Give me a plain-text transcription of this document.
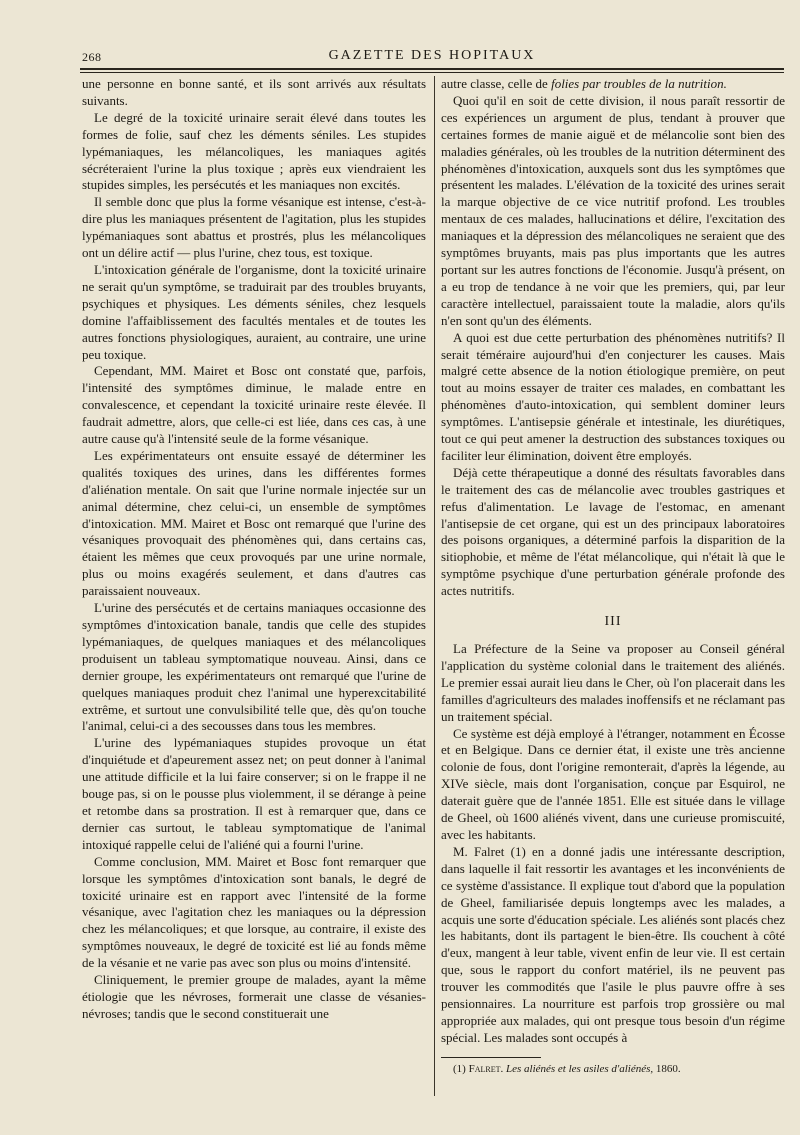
268	GAZETTE DES HOPITAUX

une personne en bonne santé, et ils sont arrivés aux résultats suivants.

Le degré de la toxicité urinaire serait élevé dans toutes les formes de folie, sauf chez les déments séniles. Les stupides lypémaniaques, les mélancoliques, les maniaques agités sécréteraient l'urine la plus toxique ; après eux viendraient les stupides simples, les persécutés et les maniaques non excités.

Il semble donc que plus la forme vésanique est intense, c'est-à-dire plus les maniaques présentent de l'agitation, plus les stupides lypémaniaques sont abattus et prostrés, plus les mélancoliques ont un délire actif — plus l'urine, chez tous, est toxique.

L'intoxication générale de l'organisme, dont la toxicité urinaire ne serait qu'un symptôme, se traduirait par des troubles bruyants, psychiques et physiques. Les déments séniles, chez lesquels domine l'affaiblissement des facultés mentales et de toutes les autres fonctions physiologiques, auraient, au contraire, une urine peu toxique.

Cependant, MM. Mairet et Bosc ont constaté que, parfois, l'intensité des symptômes diminue, le malade entre en convalescence, et cependant la toxicité urinaire reste élevée. Il faudrait admettre, alors, que celle-ci est liée, dans ces cas, à une autre cause qu'à l'intensité seule de la forme vésanique.

Les expérimentateurs ont ensuite essayé de déterminer les qualités toxiques des urines, dans les différentes formes d'aliénation mentale. On sait que l'urine normale injectée sur un animal détermine, chez celui-ci, un ensemble de symptômes d'intoxication. MM. Mairet et Bosc ont remarqué que l'urine des vésaniques provoquait des phénomènes qui, dans certains cas, étaient les mêmes que ceux provoqués par une urine normale, plus ou moins exagérés seulement, et dans d'autres cas paraissaient nouveaux.

L'urine des persécutés et de certains maniaques occasionne des symptômes d'intoxication banale, tandis que celle des stupides lypémaniaques, de quelques maniaques et des mélancoliques produisent un tableau symptomatique nouveau. Ainsi, dans ce dernier groupe, les expérimentateurs ont remarqué que l'urine de quelques maniaques produit chez l'animal une hyperexcitabilité extrême, et surtout une convulsibilité telle que, dès qu'on touche l'animal, celui-ci a des secousses dans tous les membres.

L'urine des lypémaniaques stupides provoque un état d'inquiétude et d'apeurement assez net; on peut donner à l'animal une attitude difficile et la lui faire conserver; si on le frappe il ne bouge pas, si on le pousse plus violemment, il se dérange à peine et retombe dans sa prostration. Il est à remarquer que, dans ce dernier cas surtout, le tableau symptomatique de l'animal intoxiqué rappelle celui de l'aliéné qui a fourni l'urine.

Comme conclusion, MM. Mairet et Bosc font remarquer que lorsque les symptômes d'intoxication sont banals, le degré de toxicité urinaire est en rapport avec l'intensité de la forme vésanique, avec l'agitation chez les maniaques ou la dépression chez les mélancoliques; et que lorsque, au contraire, il existe des symptômes nouveaux, le degré de toxicité est lié au fonds même de la vésanie et ne varie pas avec son plus ou moins d'intensité.

Cliniquement, le premier groupe de malades, ayant la même étiologie que les névroses, formerait une classe de vésanies-névroses; tandis que le second constituerait une

autre classe, celle de folies par troubles de la nutrition.

Quoi qu'il en soit de cette division, il nous paraît ressortir de ces expériences un argument de plus, tendant à prouver que certaines formes de manie aiguë et de mélancolie sont bien des maladies générales, où les troubles de la nutrition déterminent des phénomènes d'intoxication, auxquels sont dus les symptômes que présentent les malades. L'élévation de la toxicité des urines serait la marque objective de ce vice nutritif profond. Les troubles mentaux de ces malades, hallucinations et délire, l'excitation des maniaques et la dépression des mélancoliques ne seraient que des symptômes bruyants, mais pas plus importants que les autres portant sur les autres fonctions de l'économie. Jusqu'à présent, on a eu trop de tendance à ne voir que les premiers, qui, par leur caractère intellectuel, paraissaient toute la maladie, alors qu'ils n'en sont qu'un des éléments.

A quoi est due cette perturbation des phénomènes nutritifs? Il serait téméraire aujourd'hui d'en conjecturer les causes. Mais malgré cette absence de la notion étiologique première, on peut tout au moins essayer de traiter ces malades, en combattant les phénomènes d'auto-intoxication, qui semblent dominer leurs symptômes. L'antisepsie générale et intestinale, les diurétiques, tout ce qui peut amener la destruction des substances toxiques ou faciliter leur élimination, doivent être employés.

Déjà cette thérapeutique a donné des résultats favorables dans le traitement des cas de mélancolie avec troubles gastriques et refus d'alimentation. Le lavage de l'estomac, en amenant l'antisepsie de cet organe, qui est un des principaux laboratoires des poisons organiques, a déterminé parfois la disparition de la sitiophobie, et même de l'état mélancolique, qui n'était là que le symptôme psychique d'une perturbation générale profonde des actes nutritifs.

III

La Préfecture de la Seine va proposer au Conseil général l'application du système colonial dans le traitement des aliénés. Le premier essai aurait lieu dans le Cher, où l'on placerait dans les familles d'agriculteurs des malades inoffensifs et ne réclamant pas un traitement spécial.

Ce système est déjà employé à l'étranger, notamment en Écosse et en Belgique. Dans ce dernier état, il existe une très ancienne colonie de fous, dont l'origine remonterait, d'après la légende, au XIVe siècle, mais dont l'organisation, conçue par Esquirol, ne daterait guère que de l'année 1851. Elle est située dans le village de Gheel, où 1600 aliénés vivent, dans une curieuse promiscuité, avec les habitants.

M. Falret (1) en a donné jadis une intéressante description, dans laquelle il fait ressortir les avantages et les inconvénients de ce système d'assistance. Il explique tout d'abord que la population de Gheel, familiarisée depuis longtemps avec les malades, a acquis une sorte d'éducation spéciale. Les aliénés sont placés chez les habitants, dont ils partagent le bien-être. Ils couchent à côté d'eux, mangent à leur table, vivent enfin de leur vie. Il est certain que, sous le rapport du confort matériel, ils ne peuvent pas trouver les commodités que l'asile le plus pauvre offre à ses pensionnaires. La nourriture est parfois trop grossière ou mal appropriée aux malades, qui ont presque tous besoin d'un régime spécial. Les malades sont occupés à

(1) Falret. Les aliénés et les asiles d'aliénés, 1860.
